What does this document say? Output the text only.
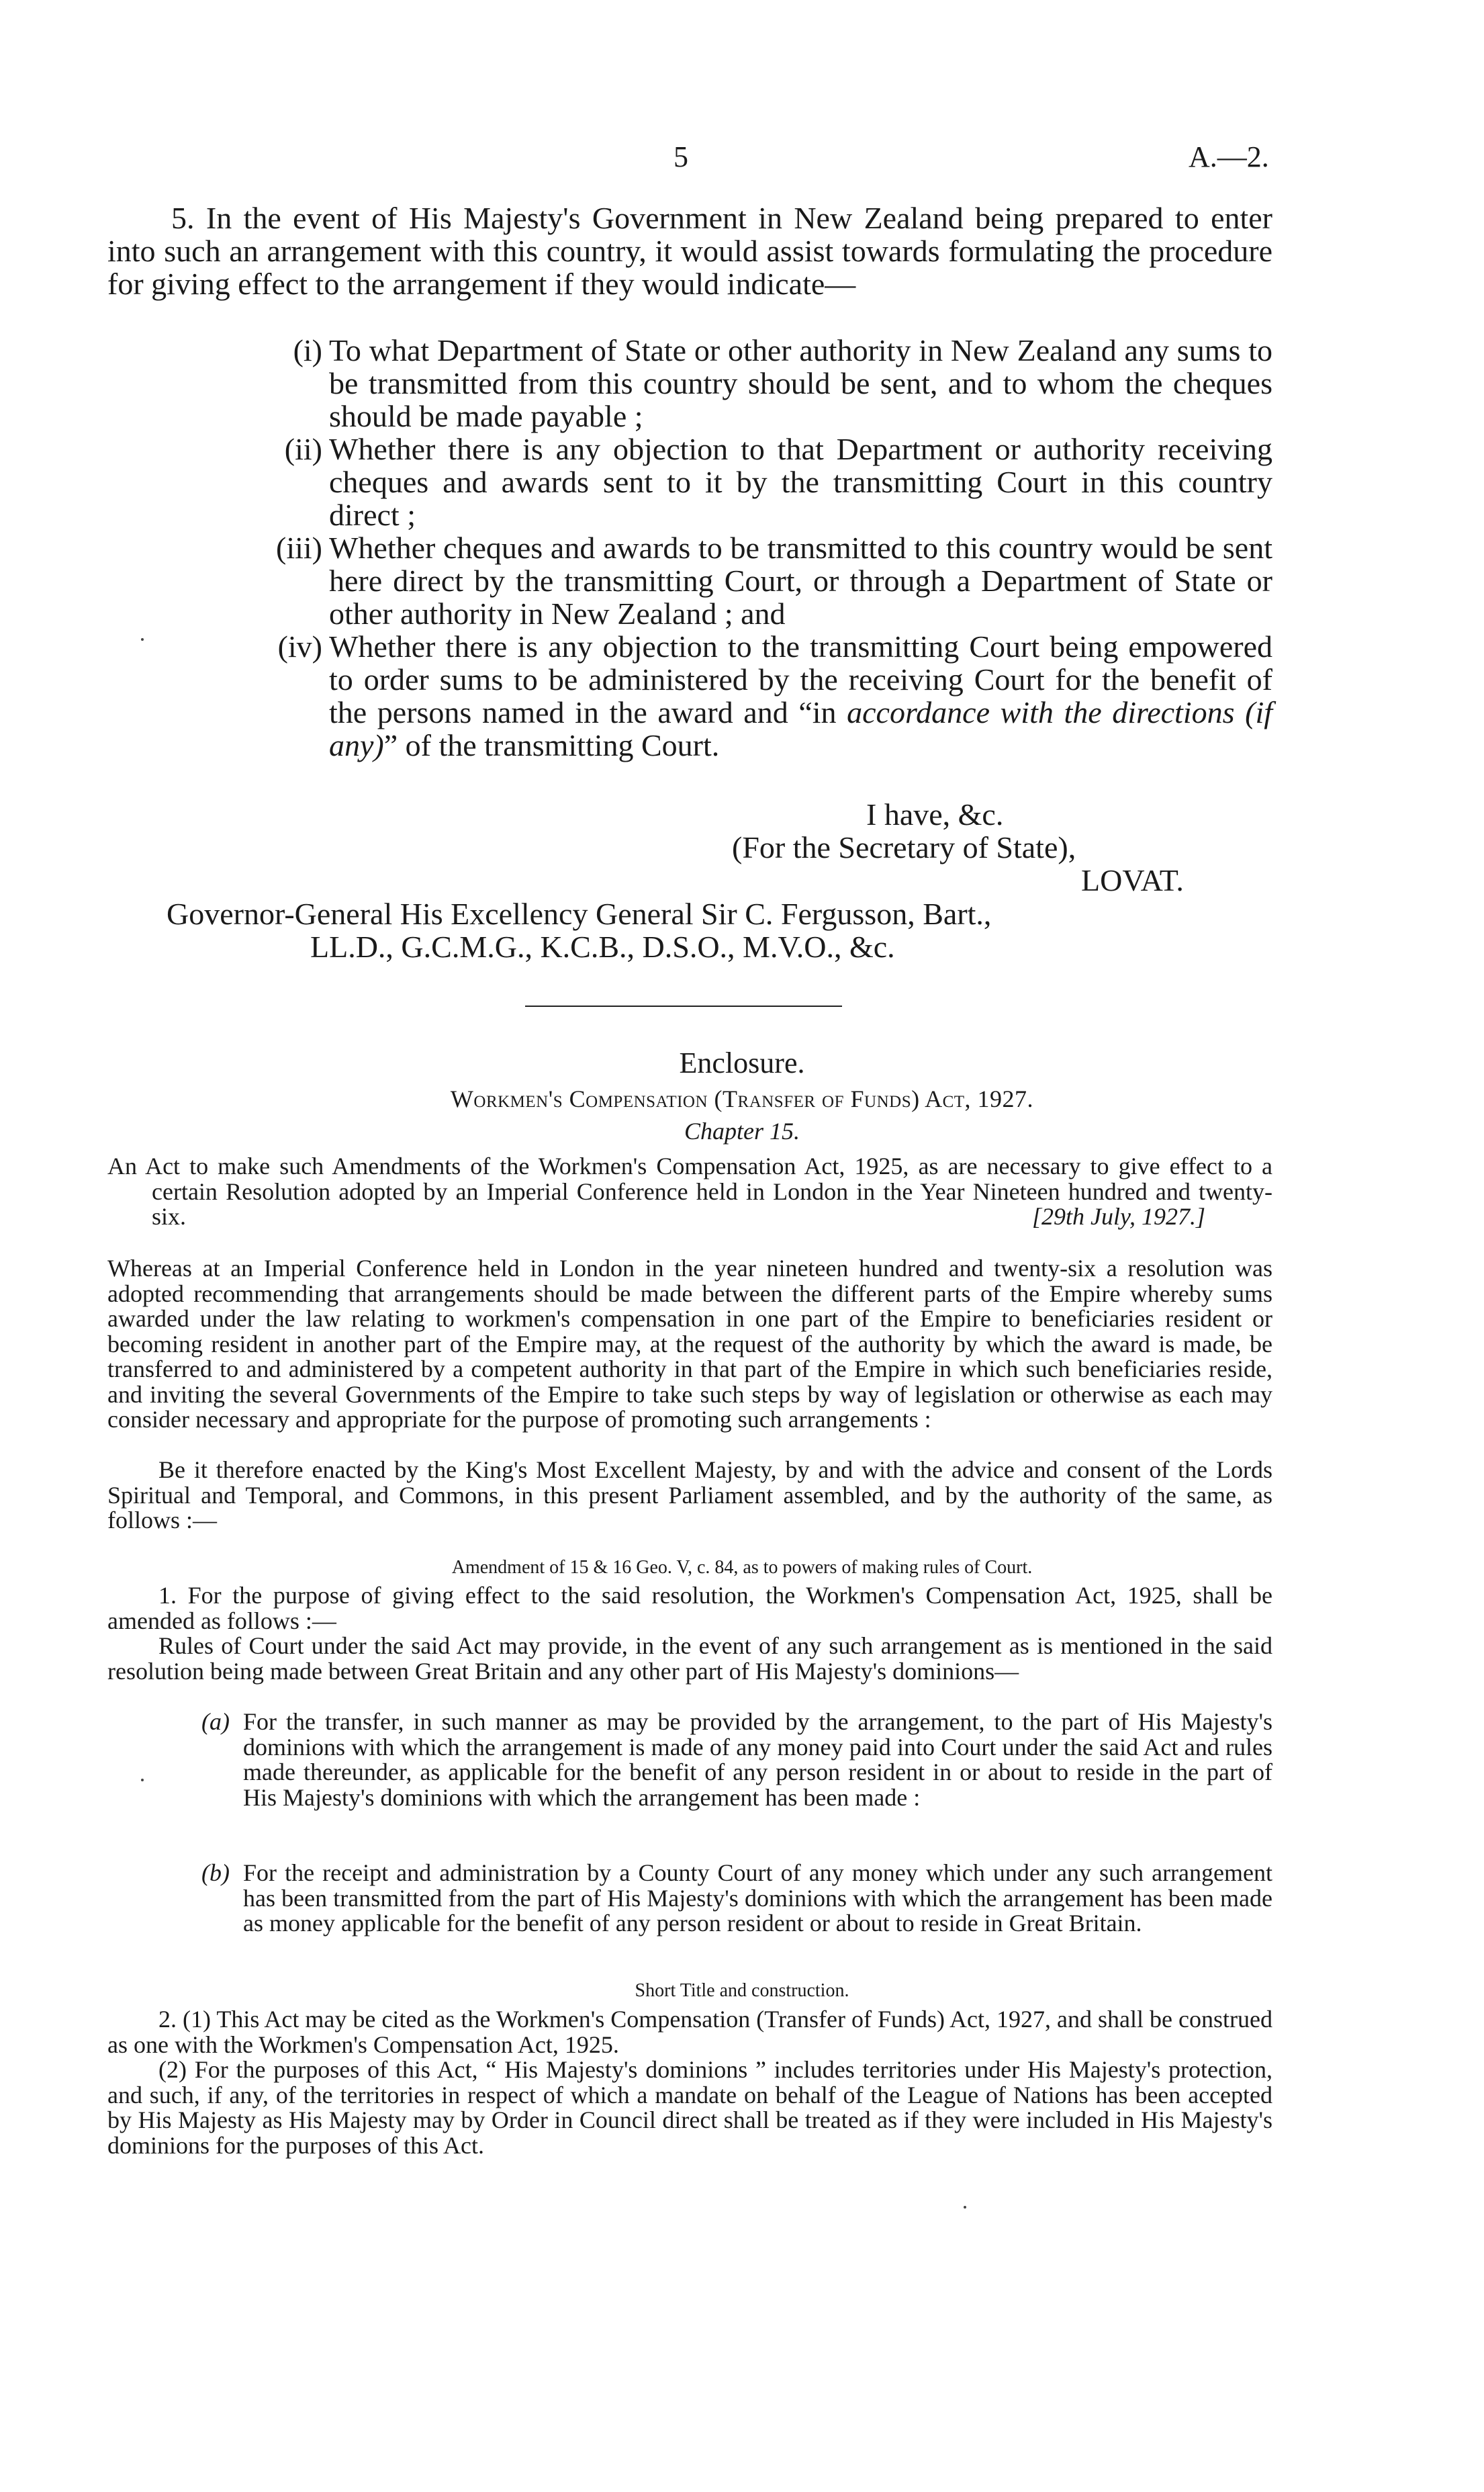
5	A.—2.
5. In the event of His Majesty's Government in New Zealand being prepared to enter into such an arrangement with this country, it would assist towards formulating the procedure for giving effect to the arrangement if they would indicate—
(i) To what Department of State or other authority in New Zealand any sums to be transmitted from this country should be sent, and to whom the cheques should be made payable ;
(ii) Whether there is any objection to that Department or authority receiving cheques and awards sent to it by the transmitting Court in this country direct ;
(iii) Whether cheques and awards to be transmitted to this country would be sent here direct by the transmitting Court, or through a Department of State or other authority in New Zealand ; and
(iv) Whether there is any objection to the transmitting Court being empowered to order sums to be administered by the receiving Court for the benefit of the persons named in the award and “in accordance with the directions (if any)” of the transmitting Court.
I have, &c.
(For the Secretary of State),
LOVAT.
Governor-General His Excellency General Sir C. Fergusson, Bart.,
LL.D., G.C.M.G., K.C.B., D.S.O., M.V.O., &c.
Enclosure.
Workmen's Compensation (Transfer of Funds) Act, 1927.
Chapter 15.
An Act to make such Amendments of the Workmen's Compensation Act, 1925, as are necessary to give effect to a certain Resolution adopted by an Imperial Conference held in London in the Year Nineteen hundred and twenty-six.	[29th July, 1927.]
Whereas at an Imperial Conference held in London in the year nineteen hundred and twenty-six a resolution was adopted recommending that arrangements should be made between the different parts of the Empire whereby sums awarded under the law relating to workmen's compensation in one part of the Empire to beneficiaries resident or becoming resident in another part of the Empire may, at the request of the authority by which the award is made, be transferred to and administered by a competent authority in that part of the Empire in which such beneficiaries reside, and inviting the several Governments of the Empire to take such steps by way of legislation or otherwise as each may consider necessary and appropriate for the purpose of promoting such arrangements :
Be it therefore enacted by the King's Most Excellent Majesty, by and with the advice and consent of the Lords Spiritual and Temporal, and Commons, in this present Parliament assembled, and by the authority of the same, as follows :—
Amendment of 15 & 16 Geo. V, c. 84, as to powers of making rules of Court.
1. For the purpose of giving effect to the said resolution, the Workmen's Compensation Act, 1925, shall be amended as follows :—
Rules of Court under the said Act may provide, in the event of any such arrangement as is mentioned in the said resolution being made between Great Britain and any other part of His Majesty's dominions—
(a) For the transfer, in such manner as may be provided by the arrangement, to the part of His Majesty's dominions with which the arrangement is made of any money paid into Court under the said Act and rules made thereunder, as applicable for the benefit of any person resident in or about to reside in the part of His Majesty's dominions with which the arrangement has been made :
(b) For the receipt and administration by a County Court of any money which under any such arrangement has been transmitted from the part of His Majesty's dominions with which the arrangement has been made as money applicable for the benefit of any person resident or about to reside in Great Britain.
Short Title and construction.
2. (1) This Act may be cited as the Workmen's Compensation (Transfer of Funds) Act, 1927, and shall be construed as one with the Workmen's Compensation Act, 1925.
(2) For the purposes of this Act, “ His Majesty's dominions ” includes territories under His Majesty's protection, and such, if any, of the territories in respect of which a mandate on behalf of the League of Nations has been accepted by His Majesty as His Majesty may by Order in Council direct shall be treated as if they were included in His Majesty's dominions for the purposes of this Act.
